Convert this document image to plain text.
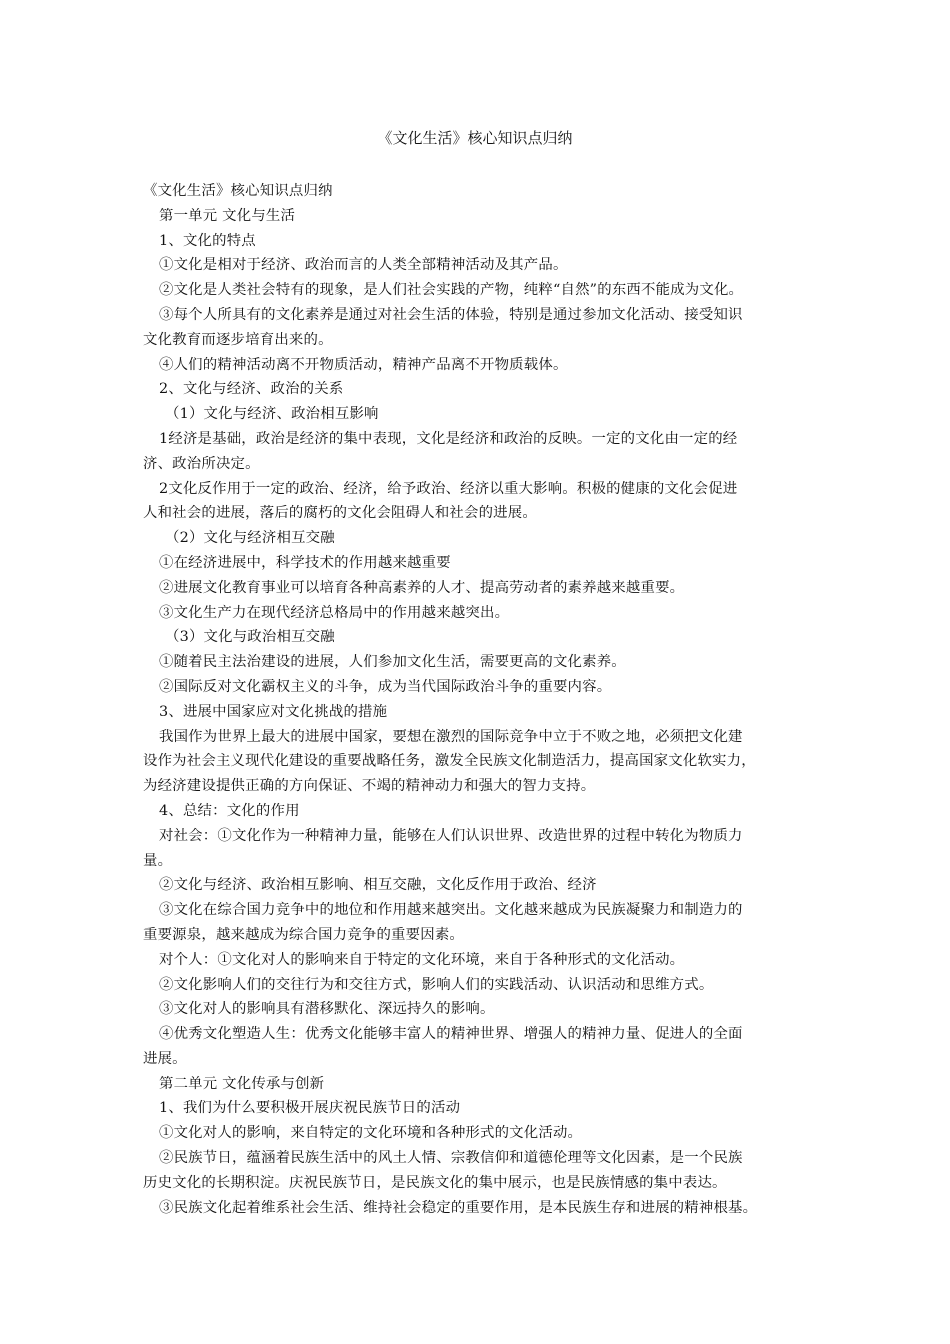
《文化生活》核心知识点归纳
《文化生活》核心知识点归纳
第一单元 文化与生活
1、文化的特点
①文化是相对于经济、政治而言的人类全部精神活动及其产品。
②文化是人类社会特有的现象，是人们社会实践的产物，纯粹“自然”的东西不能成为文化。
③每个人所具有的文化素养是通过对社会生活的体验，特别是通过参加文化活动、接受知识
文化教育而逐步培育出来的。
④人们的精神活动离不开物质活动，精神产品离不开物质载体。
2、文化与经济、政治的关系
（1）文化与经济、政治相互影响
1经济是基础，政治是经济的集中表现，文化是经济和政治的反映。一定的文化由一定的经
济、政治所决定。
2文化反作用于一定的政治、经济，给予政治、经济以重大影响。积极的健康的文化会促进
人和社会的进展，落后的腐朽的文化会阻碍人和社会的进展。
（2）文化与经济相互交融
①在经济进展中，科学技术的作用越来越重要
②进展文化教育事业可以培育各种高素养的人才、提高劳动者的素养越来越重要。
③文化生产力在现代经济总格局中的作用越来越突出。
（3）文化与政治相互交融
①随着民主法治建设的进展，人们参加文化生活，需要更高的文化素养。
②国际反对文化霸权主义的斗争，成为当代国际政治斗争的重要内容。
3、进展中国家应对文化挑战的措施
我国作为世界上最大的进展中国家，要想在激烈的国际竞争中立于不败之地，必须把文化建
设作为社会主义现代化建设的重要战略任务，激发全民族文化制造活力，提高国家文化软实力，
为经济建设提供正确的方向保证、不竭的精神动力和强大的智力支持。
4、总结：文化的作用
对社会：①文化作为一种精神力量，能够在人们认识世界、改造世界的过程中转化为物质力
量。
②文化与经济、政治相互影响、相互交融，文化反作用于政治、经济
③文化在综合国力竞争中的地位和作用越来越突出。文化越来越成为民族凝聚力和制造力的
重要源泉，越来越成为综合国力竞争的重要因素。
对个人：①文化对人的影响来自于特定的文化环境，来自于各种形式的文化活动。
②文化影响人们的交往行为和交往方式，影响人们的实践活动、认识活动和思维方式。
③文化对人的影响具有潜移默化、深远持久的影响。
④优秀文化塑造人生：优秀文化能够丰富人的精神世界、增强人的精神力量、促进人的全面
进展。
第二单元 文化传承与创新
1、我们为什么要积极开展庆祝民族节日的活动
①文化对人的影响，来自特定的文化环境和各种形式的文化活动。
②民族节日，蕴涵着民族生活中的风土人情、宗教信仰和道德伦理等文化因素，是一个民族
历史文化的长期积淀。庆祝民族节日，是民族文化的集中展示，也是民族情感的集中表达。
③民族文化起着维系社会生活、维持社会稳定的重要作用，是本民族生存和进展的精神根基。
